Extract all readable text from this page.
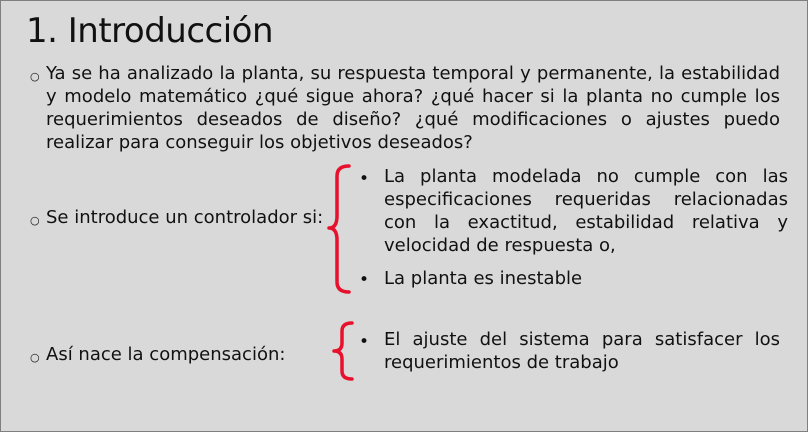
1. Introducción
○ Ya se ha analizado la planta, su respuesta temporal y permanente, la estabilidad y modelo matemático ¿qué sigue ahora? ¿qué hacer si la planta no cumple los requerimientos deseados de diseño? ¿qué modificaciones o ajustes puedo realizar para conseguir los objetivos deseados?
○ Se introduce un controlador si:
• La planta modelada no cumple con las especificaciones requeridas relacionadas con la exactitud, estabilidad relativa y velocidad de respuesta o,
• La planta es inestable
○ Así nace la compensación:
• El ajuste del sistema para satisfacer los requerimientos de trabajo
